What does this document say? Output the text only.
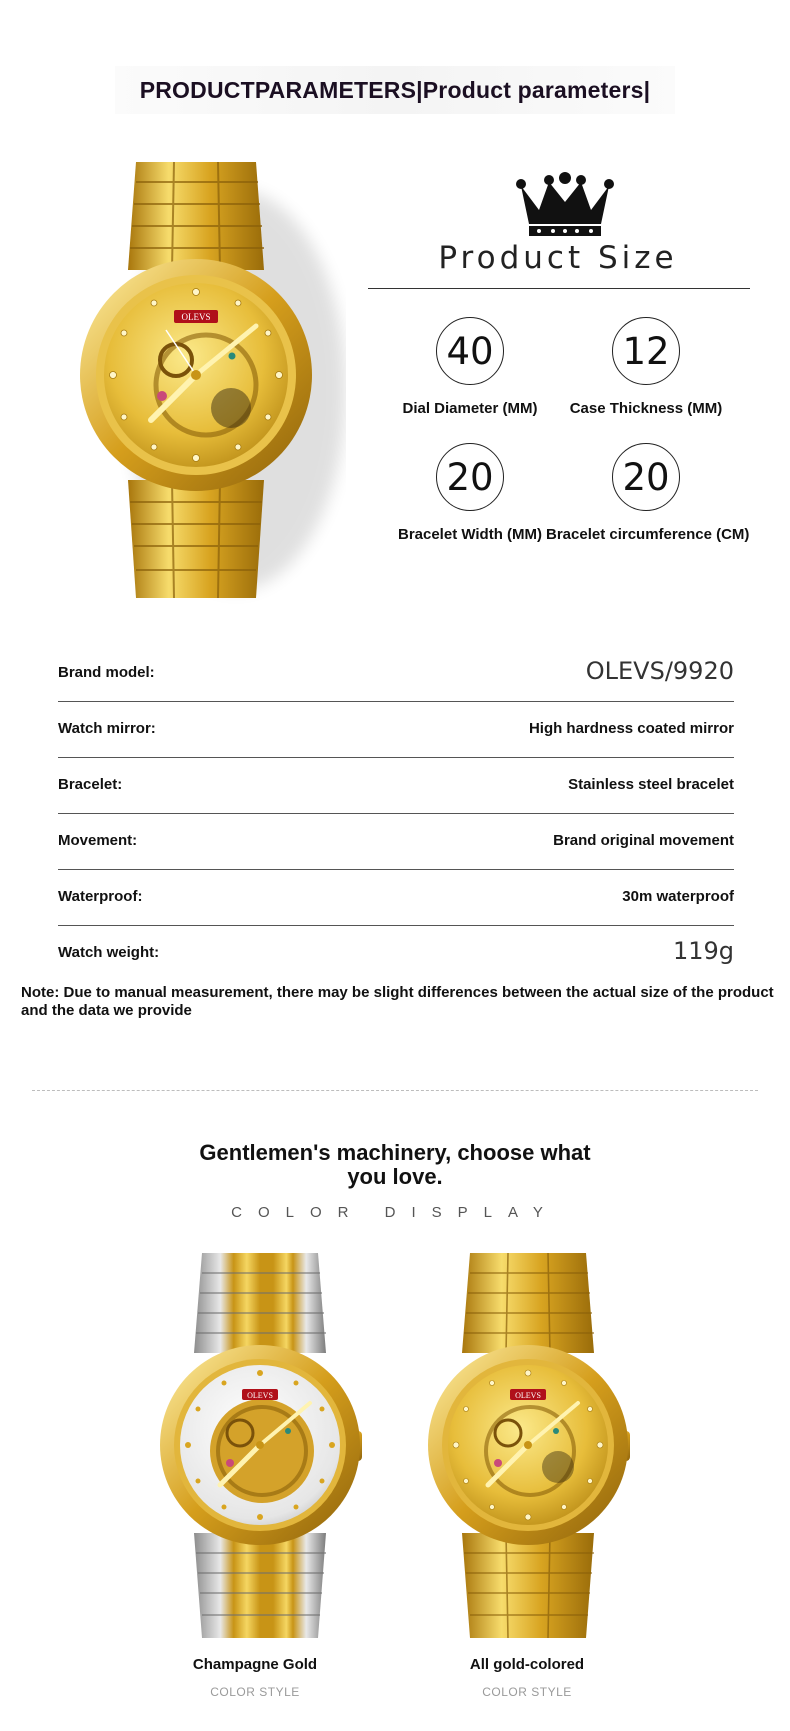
PRODUCTPARAMETERS|Product parameters|
OLEVS
Product Size
40
Dial Diameter (MM)
12
Case Thickness (MM)
20
Bracelet Width (MM)
20
Bracelet circumference (CM)
Brand model:	OLEVS/9920
Watch mirror:	High hardness coated mirror
Bracelet:	Stainless steel bracelet
Movement:	Brand original movement
Waterproof:	30m waterproof
Watch weight:	119g
Note: Due to manual measurement, there may be slight differences between the actual size of the product and the data we provide
Gentlemen's machinery, choose what you love.
COLOR DISPLAY
OLEVS	OLEVS
Champagne Gold
COLOR STYLE
All gold-colored
COLOR STYLE
